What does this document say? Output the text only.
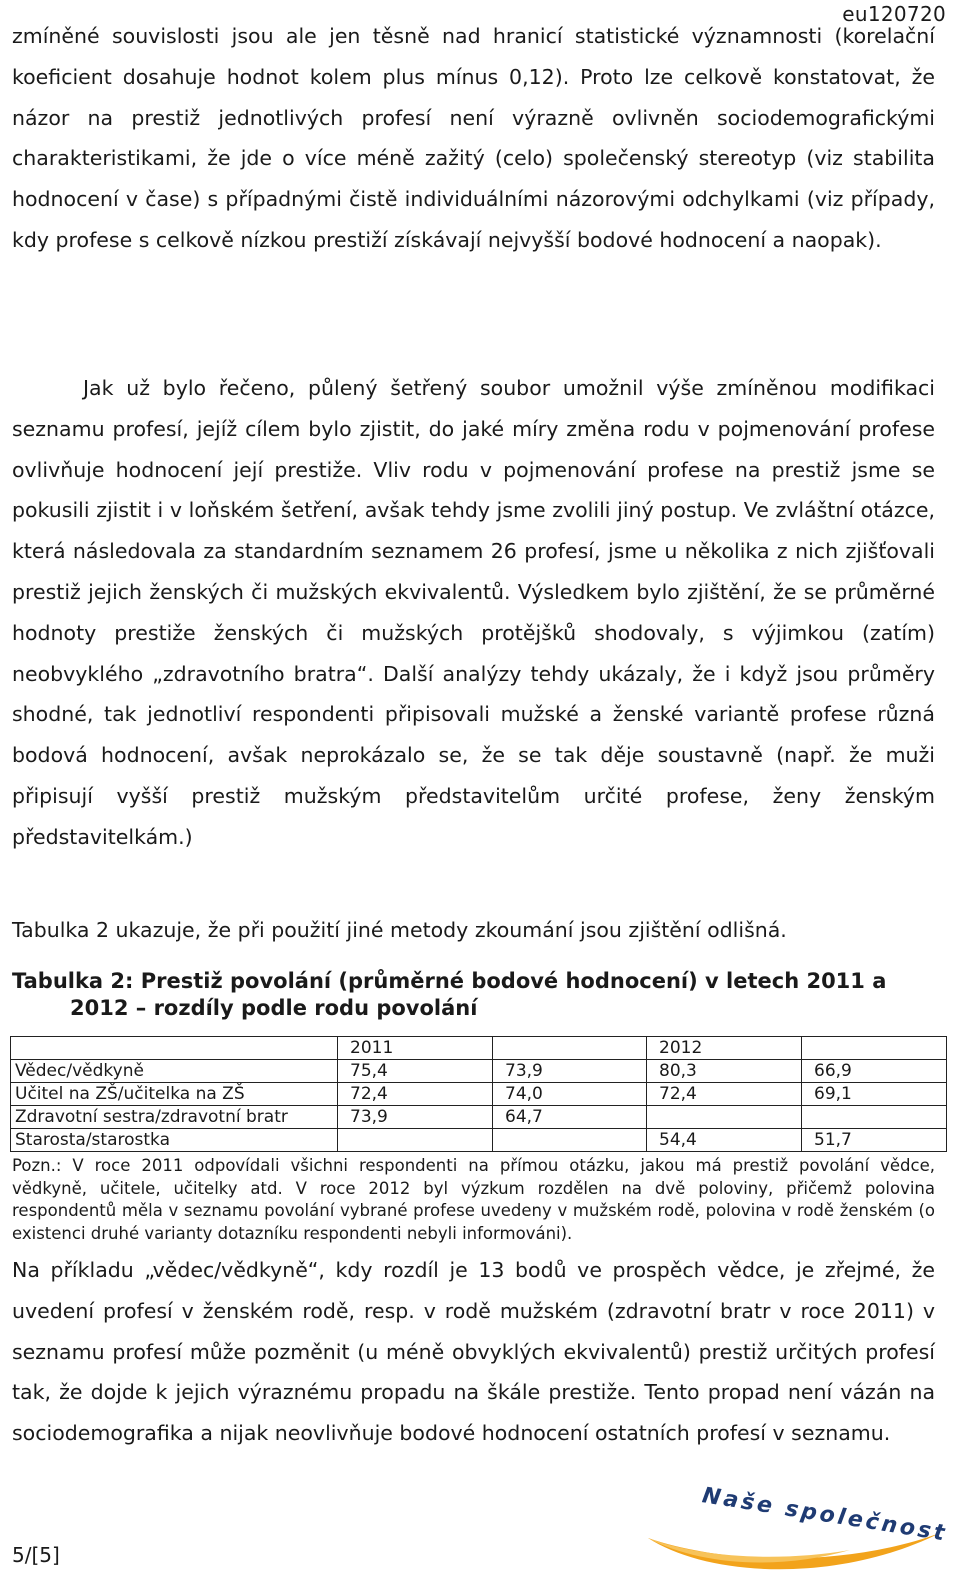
eu120720

zmíněné souvislosti jsou ale jen těsně nad hranicí statistické významnosti (korelační koeficient dosahuje hodnot kolem plus mínus 0,12). Proto lze celkově konstatovat, že názor na prestiž jednotlivých profesí není výrazně ovlivněn sociodemografickými charakteristikami, že jde o více méně zažitý (celo) společenský stereotyp (viz stabilita hodnocení v čase) s případnými čistě individuálními názorovými odchylkami (viz případy, kdy profese s celkově nízkou prestiží získávají nejvyšší bodové hodnocení a naopak).

Jak už bylo řečeno, půlený šetřený soubor umožnil výše zmíněnou modifikaci seznamu profesí, jejíž cílem bylo zjistit, do jaké míry změna rodu v pojmenování profese ovlivňuje hodnocení její prestiže. Vliv rodu v pojmenování profese na prestiž jsme se pokusili zjistit i v loňském šetření, avšak tehdy jsme zvolili jiný postup. Ve zvláštní otázce, která následovala za standardním seznamem 26 profesí, jsme u několika z nich zjišťovali prestiž jejich ženských či mužských ekvivalentů. Výsledkem bylo zjištění, že se průměrné hodnoty prestiže ženských či mužských protějšků shodovaly, s výjimkou (zatím) neobvyklého „zdravotního bratra“. Další analýzy tehdy ukázaly, že i když jsou průměry shodné, tak jednotliví respondenti připisovali mužské a ženské variantě profese různá bodová hodnocení, avšak neprokázalo se, že se tak děje soustavně (např. že muži připisují vyšší prestiž mužským představitelům určité profese, ženy ženským představitelkám.)

Tabulka 2 ukazuje, že při použití jiné metody zkoumání jsou zjištění odlišná.

Tabulka 2: Prestiž povolání (průměrné bodové hodnocení) v letech 2011 a 2012 – rozdíly podle rodu povolání

	2011		2012	
Vědec/vědkyně	75,4	73,9	80,3	66,9
Učitel na ZŠ/učitelka na ZŠ	72,4	74,0	72,4	69,1
Zdravotní sestra/zdravotní bratr	73,9	64,7		
Starosta/starostka			54,4	51,7

Pozn.: V roce 2011 odpovídali všichni respondenti na přímou otázku, jakou má prestiž povolání vědce, vědkyně, učitele, učitelky atd. V roce 2012 byl výzkum rozdělen na dvě poloviny, přičemž polovina respondentů měla v seznamu povolání vybrané profese uvedeny v mužském rodě, polovina v rodě ženském (o existenci druhé varianty dotazníku respondenti nebyli informováni).

Na příkladu „vědec/vědkyně“, kdy rozdíl je 13 bodů ve prospěch vědce, je zřejmé, že uvedení profesí v ženském rodě, resp. v rodě mužském (zdravotní bratr v roce 2011) v seznamu profesí může pozměnit (u méně obvyklých ekvivalentů) prestiž určitých profesí tak, že dojde k jejich výraznému propadu na škále prestiže. Tento propad není vázán na sociodemografika a nijak neovlivňuje bodové hodnocení ostatních profesí v seznamu.

5/[5]
Naše společnost
